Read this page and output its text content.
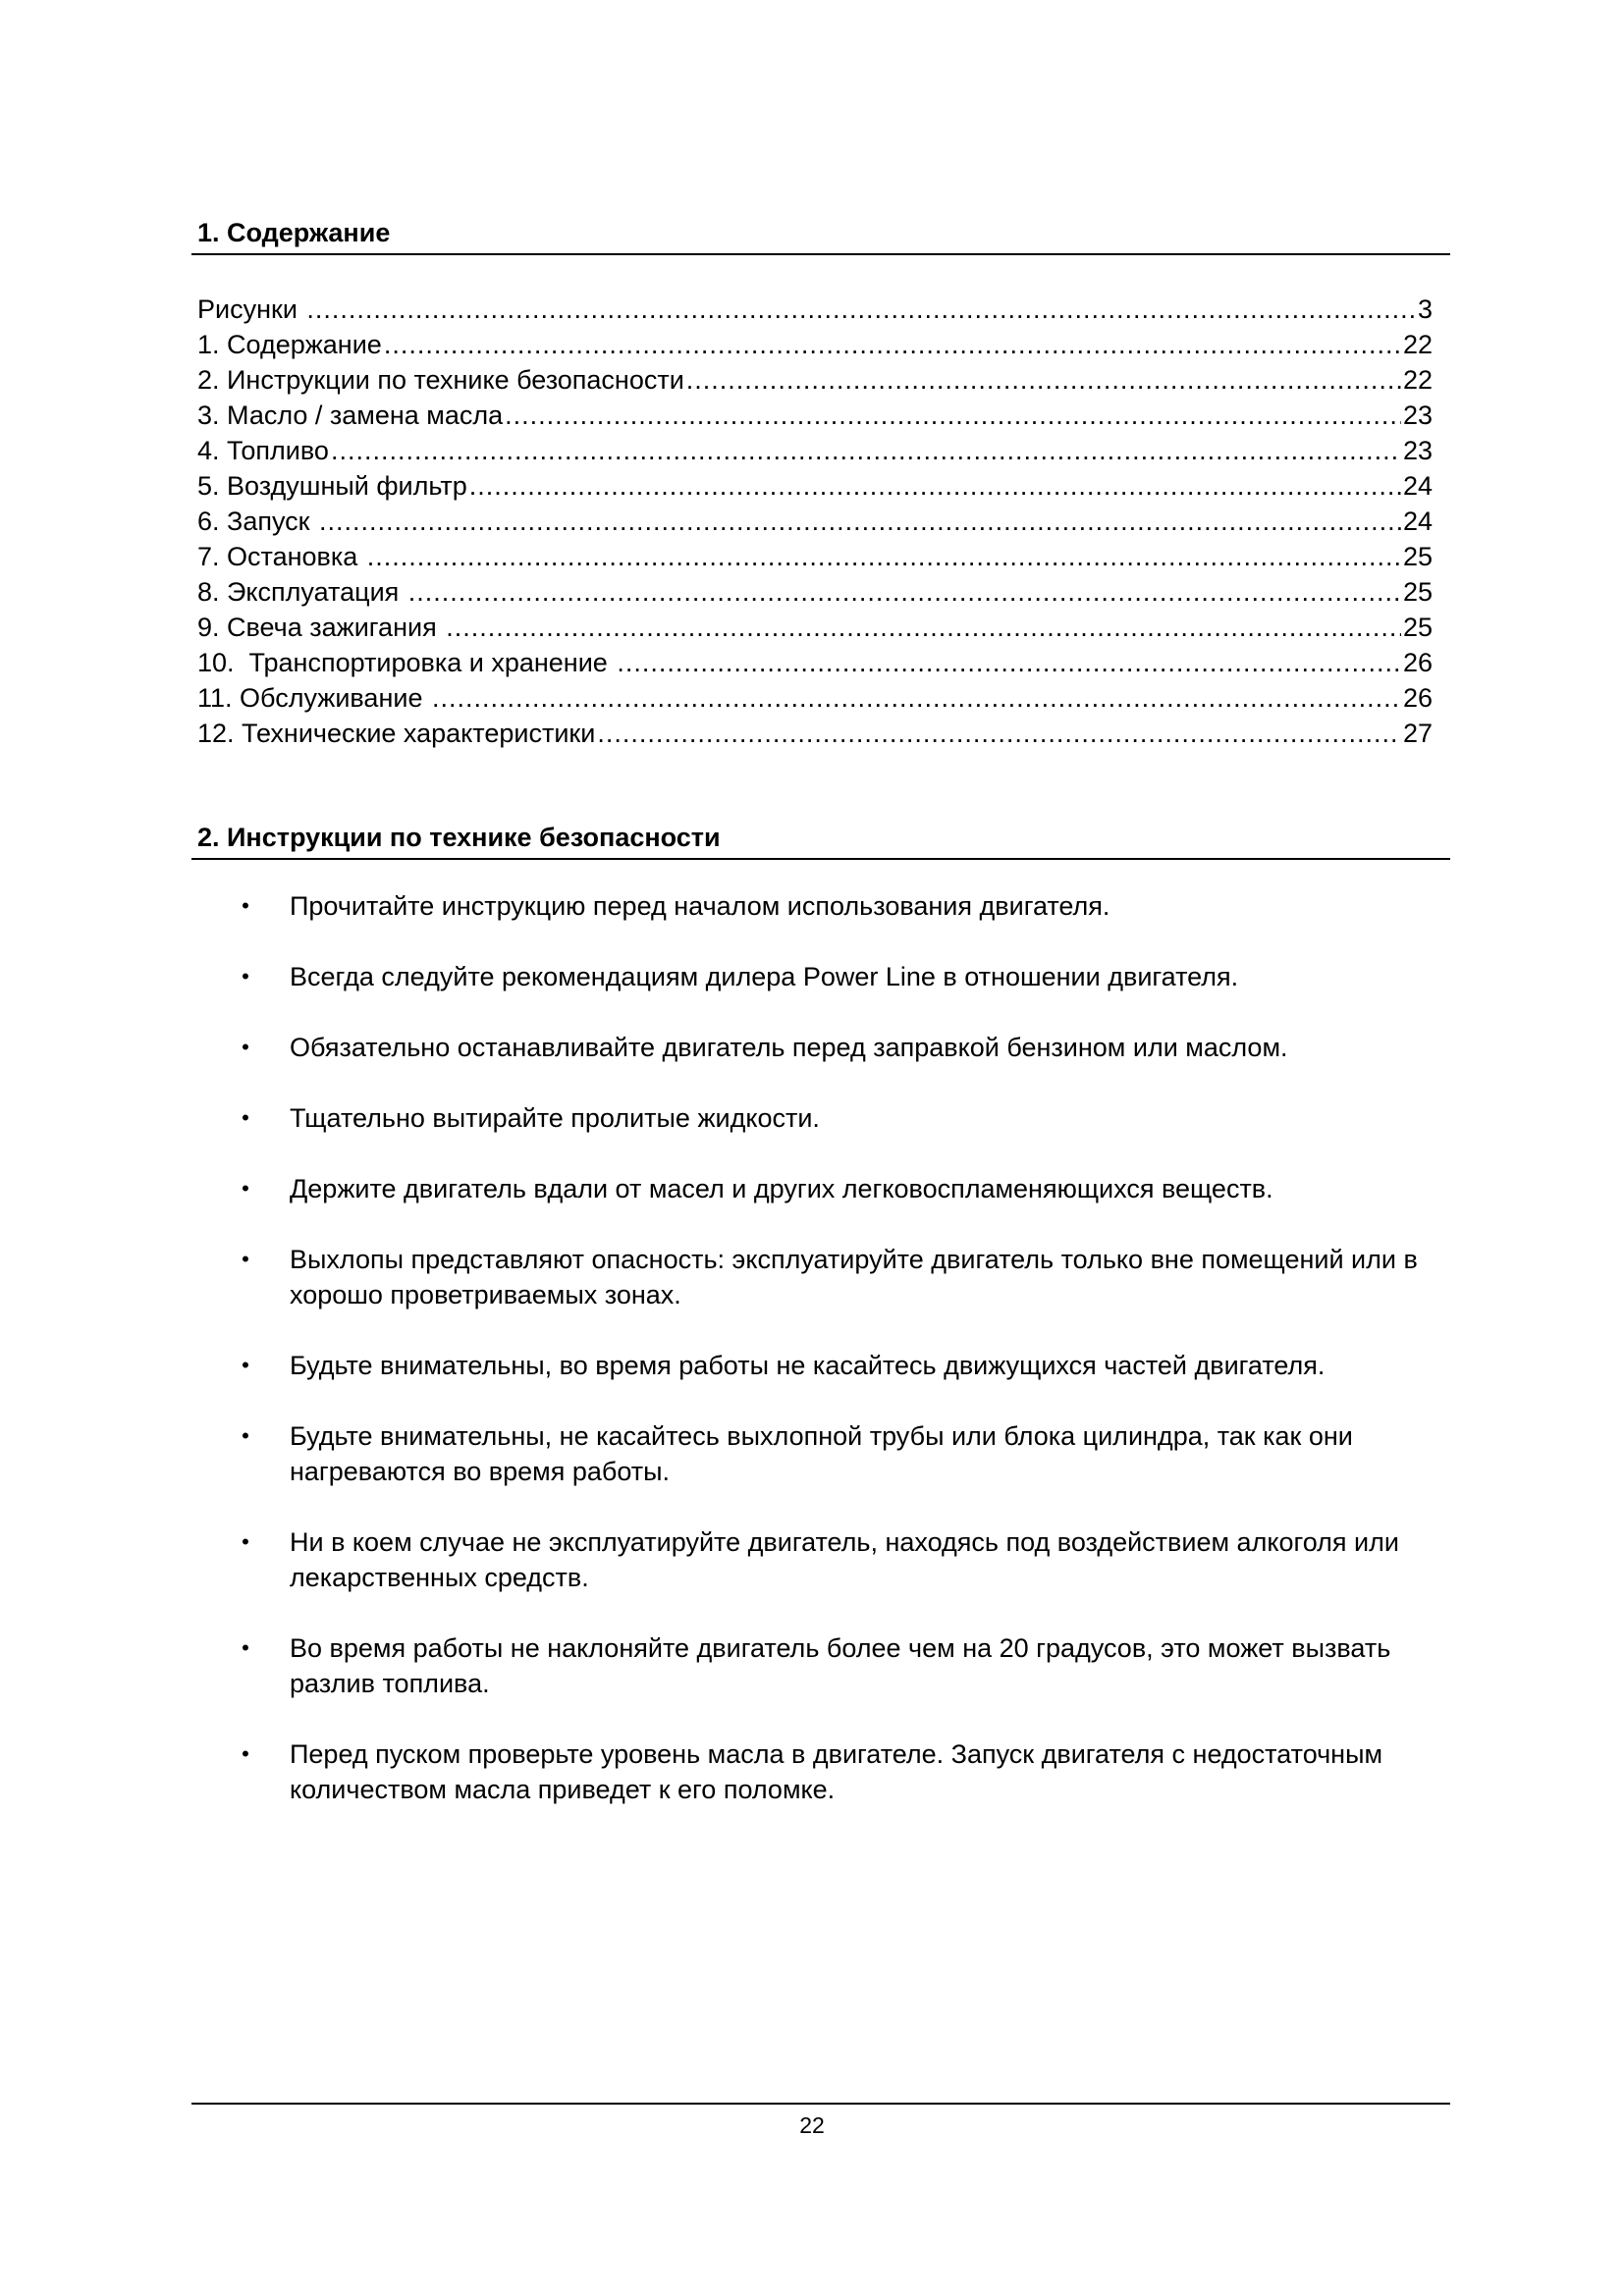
1. Содержание
Рисунки .....	3
1. Содержание .....	22
2. Инструкции по технике безопасности .....	22
3. Масло / замена масла .....	23
4. Топливо .....	23
5. Воздушный фильтр .....	24
6. Запуск .....	24
7. Остановка .....	25
8. Эксплуатация .....	25
9. Свеча зажигания .....	25
10.  Транспортировка и хранение .....	26
11. Обслуживание .....	26
12. Технические характеристики .....	27
2. Инструкции по технике безопасности
• Прочитайте инструкцию перед началом использования двигателя.
• Всегда следуйте рекомендациям дилера Power Line в отношении двигателя.
• Обязательно останавливайте двигатель перед заправкой бензином или маслом.
• Тщательно вытирайте пролитые жидкости.
• Держите двигатель вдали от масел и других легковоспламеняющихся веществ.
• Выхлопы представляют опасность: эксплуатируйте двигатель только вне помещений или в хорошо проветриваемых зонах.
• Будьте внимательны, во время работы не касайтесь движущихся частей двигателя.
• Будьте внимательны, не касайтесь выхлопной трубы или блока цилиндра, так как они нагреваются во время работы.
• Ни в коем случае не эксплуатируйте двигатель, находясь под воздействием алкоголя или лекарственных средств.
• Во время работы не наклоняйте двигатель более чем на 20 градусов, это может вызвать разлив топлива.
• Перед пуском проверьте уровень масла в двигателе. Запуск двигателя с недостаточным количеством масла приведет к его поломке.
22
